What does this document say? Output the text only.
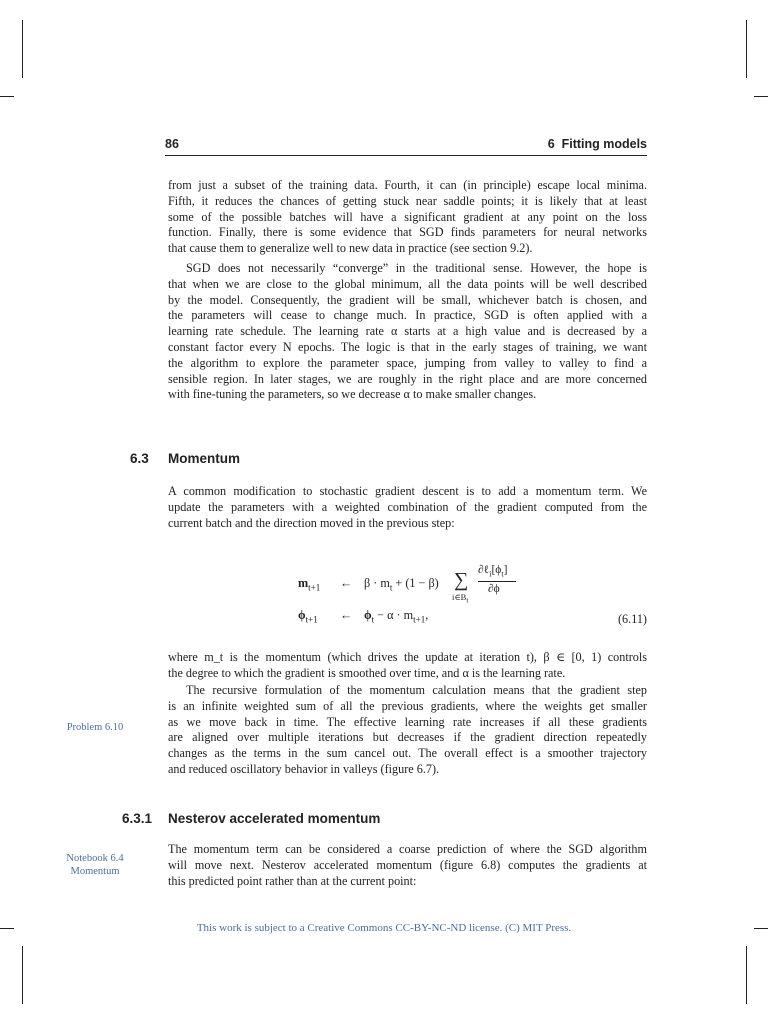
86	6  Fitting models
from just a subset of the training data. Fourth, it can (in principle) escape local minima.
Fifth, it reduces the chances of getting stuck near saddle points; it is likely that at least
some of the possible batches will have a significant gradient at any point on the loss
function. Finally, there is some evidence that SGD finds parameters for neural networks
that cause them to generalize well to new data in practice (see section 9.2).
SGD does not necessarily “converge” in the traditional sense. However, the hope is
that when we are close to the global minimum, all the data points will be well described
by the model. Consequently, the gradient will be small, whichever batch is chosen, and
the parameters will cease to change much. In practice, SGD is often applied with a
learning rate schedule. The learning rate α starts at a high value and is decreased by a
constant factor every N epochs. The logic is that in the early stages of training, we want
the algorithm to explore the parameter space, jumping from valley to valley to find a
sensible region. In later stages, we are roughly in the right place and are more concerned
with fine-tuning the parameters, so we decrease α to make smaller changes.
6.3 Momentum
A common modification to stochastic gradient descent is to add a momentum term. We
update the parameters with a weighted combination of the gradient computed from the
current batch and the direction moved in the previous step:
$m_{t+1}$ ← $\beta \cdot m_t + (1 - \beta)$ ∑
$i\in B_t$
$\partial\ell_i[\phi_t]$
∂ϕ
$\phi_{t+1}$ ← $\phi_t - \alpha \cdot m_{t+1}$,	(6.11)
where m_t is the momentum (which drives the update at iteration t), β ∈ [0, 1) controls
the degree to which the gradient is smoothed over time, and α is the learning rate.
The recursive formulation of the momentum calculation means that the gradient step
is an infinite weighted sum of all the previous gradients, where the weights get smaller
as we move back in time. The effective learning rate increases if all these gradients
are aligned over multiple iterations but decreases if the gradient direction repeatedly
changes as the terms in the sum cancel out. The overall effect is a smoother trajectory
and reduced oscillatory behavior in valleys (figure 6.7).
Problem 6.10
6.3.1 Nesterov accelerated momentum
Notebook 6.4
Momentum
The momentum term can be considered a coarse prediction of where the SGD algorithm
will move next. Nesterov accelerated momentum (figure 6.8) computes the gradients at
this predicted point rather than at the current point:
This work is subject to a Creative Commons CC-BY-NC-ND license. (C) MIT Press.
